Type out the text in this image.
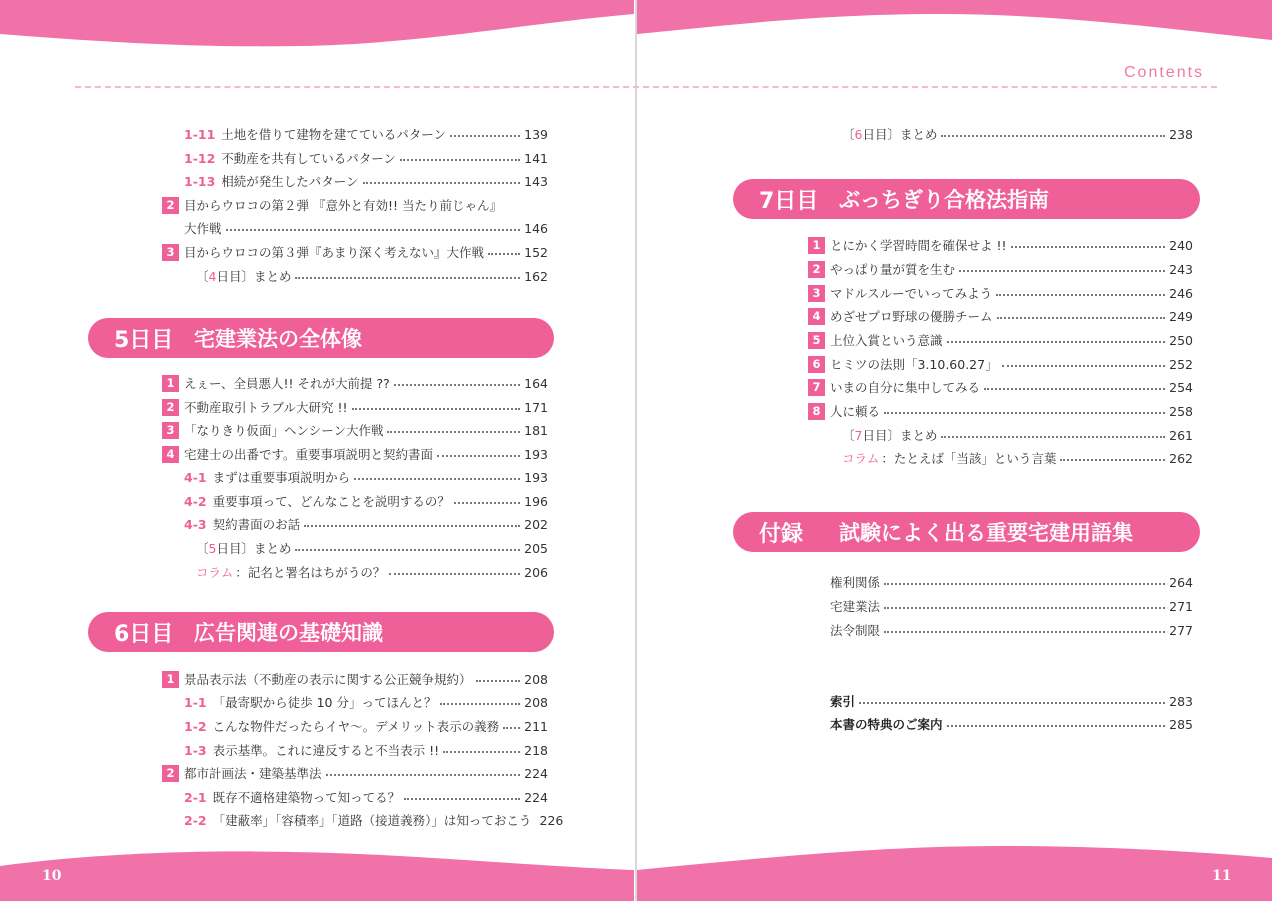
Contents
10	11
1-11 土地を借りて建物を建てているパターン	139
1-12 不動産を共有しているパターン	141
1-13 相続が発生したパターン	143
2 目からウロコの第２弾 『意外と有効!! 当たり前じゃん』
大作戦	146
3 目からウロコの第３弾『あまり深く考えない』大作戦	152
〔 4 日目〕まとめ	162
5日目 宅建業法の全体像
1 えぇー、全員悪人!! それが大前提 ??	164
2 不動産取引トラブル大研究 !!	171
3 「なりきり仮面」ヘンシーン大作戦	181
4 宅建士の出番です。重要事項説明と契約書面	193
4-1 まずは重要事項説明から	193
4-2 重要事項って、どんなことを説明するの？	196
4-3 契約書面のお話	202
〔 5 日目〕まとめ	205
コラム ：記名と署名はちがうの？	206
6日目 広告関連の基礎知識
1 景品表示法（不動産の表示に関する公正競争規約）	208
1-1 「最寄駅から徒歩 10 分」ってほんと？	208
1-2 こんな物件だったらイヤ〜。デメリット表示の義務 211
1-3 表示基準。これに違反すると不当表示 !!	218
2 都市計画法・建築基準法	224
2-1 既存不適格建築物って知ってる？	224
2-2 「建蔽率」「容積率」「道路（接道義務）」は知っておこう 226
〔 6 日目〕まとめ	238
7日目 ぶっちぎり合格法指南
1 とにかく学習時間を確保せよ !!	240
2 やっぱり量が質を生む	243
3 マドルスルーでいってみよう	246
4 めざせプロ野球の優勝チーム	249
5 上位入賞という意識	250
6 ヒミツの法則「3.10.60.27」	252
7 いまの自分に集中してみる	254
8 人に頼る	258
〔 7 日目〕まとめ	261
コラム ：たとえば「当該」という言葉	262
付録	試験によく出る重要宅建用語集
権利関係	264
宅建業法	271
法令制限	277
索引	283
本書の特典のご案内	285
